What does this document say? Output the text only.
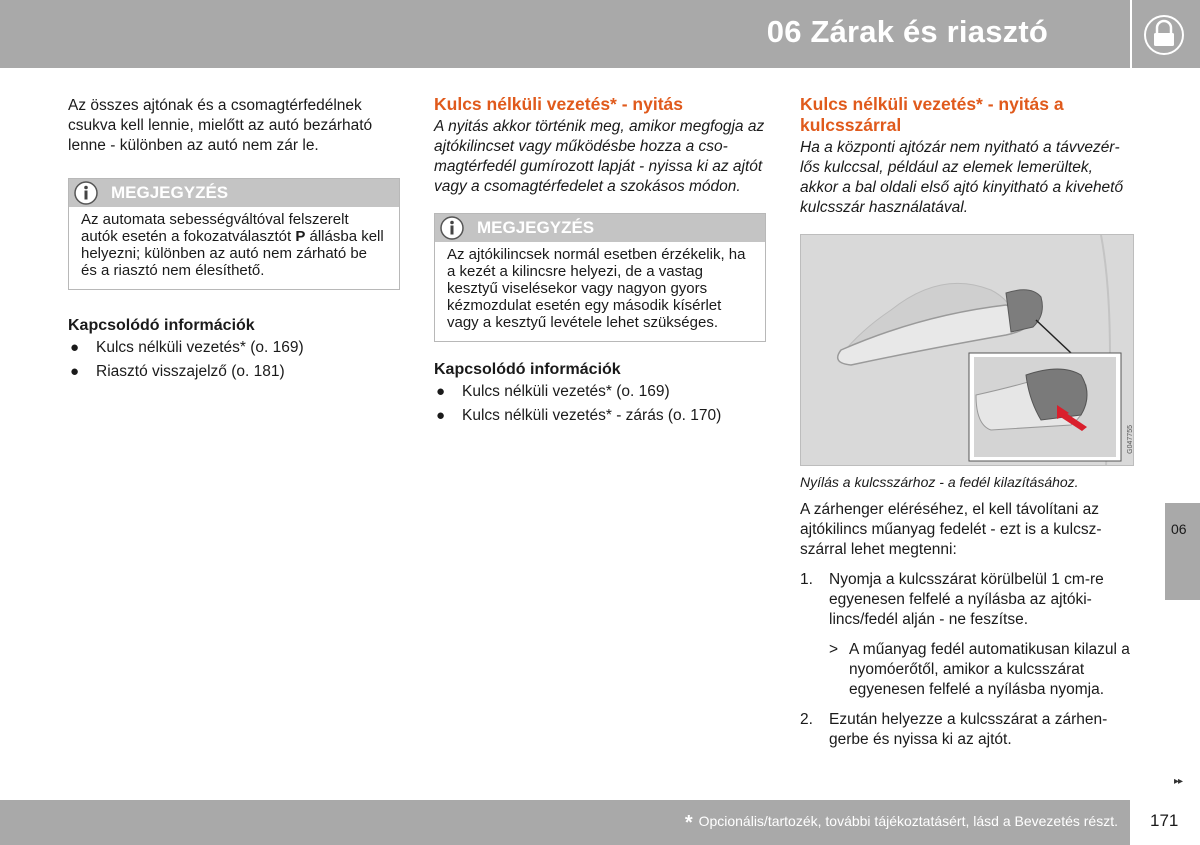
06 Zárak és riasztó

Az összes ajtónak és a csomagtérfedélnek csukva kell lennie, mielőtt az autó bezárható lenne - különben az autó nem zár le.

MEGJEGYZÉS
Az automata sebességváltóval felszerelt autók esetén a fokozatválasztót P állásba kell helyezni; különben az autó nem zárható be és a riasztó nem élesíthető.
Kapcsolódó információk
● Kulcs nélküli vezetés* (o. 169)
● Riasztó visszajelző (o. 181)
Kulcs nélküli vezetés* - nyitás

A nyitás akkor történik meg, amikor megfogja az ajtókilincset vagy működésbe hozza a csomagtérfedél gumírozott lapját - nyissa ki az ajtót vagy a csomagtérfedelet a szokásos módon.

MEGJEGYZÉS
Az ajtókilincsek normál esetben érzékelik, ha a kezét a kilincsre helyezi, de a vastag kesztyű viselésekor vagy nagyon gyors kézmozdulat esetén egy második kísérlet vagy a kesztyű levétele lehet szükséges.
Kapcsolódó információk
● Kulcs nélküli vezetés* (o. 169)
● Kulcs nélküli vezetés* - zárás (o. 170)
Kulcs nélküli vezetés* - nyitás a kulcsszárral

Ha a központi ajtózár nem nyitható a távvezérlős kulccsal, például az elemek lemerültek, akkor a bal oldali első ajtó kinyitható a kivehető kulcsszár használatával.

G047755
Nyílás a kulcsszárhoz - a fedél kilazításához.

A zárhenger eléréséhez, el kell távolítani az ajtókilincs műanyag fedelét - ezt is a kulcszszárral lehet megtenni:

1. Nyomja a kulcsszárat körülbelül 1 cm-re egyenesen felfelé a nyílásba az ajtókilincs/fedél alján - ne feszítse.
> A műanyag fedél automatikusan kilazul a nyomóerőtől, amikor a kulcsszárat egyenesen felfelé a nyílásba nyomja.
2. Ezután helyezze a kulcsszárat a zárhengerbe és nyissa ki az ajtót.
06
▸▸
* Opcionális/tartozék, további tájékoztatásért, lásd a Bevezetés részt. 171
